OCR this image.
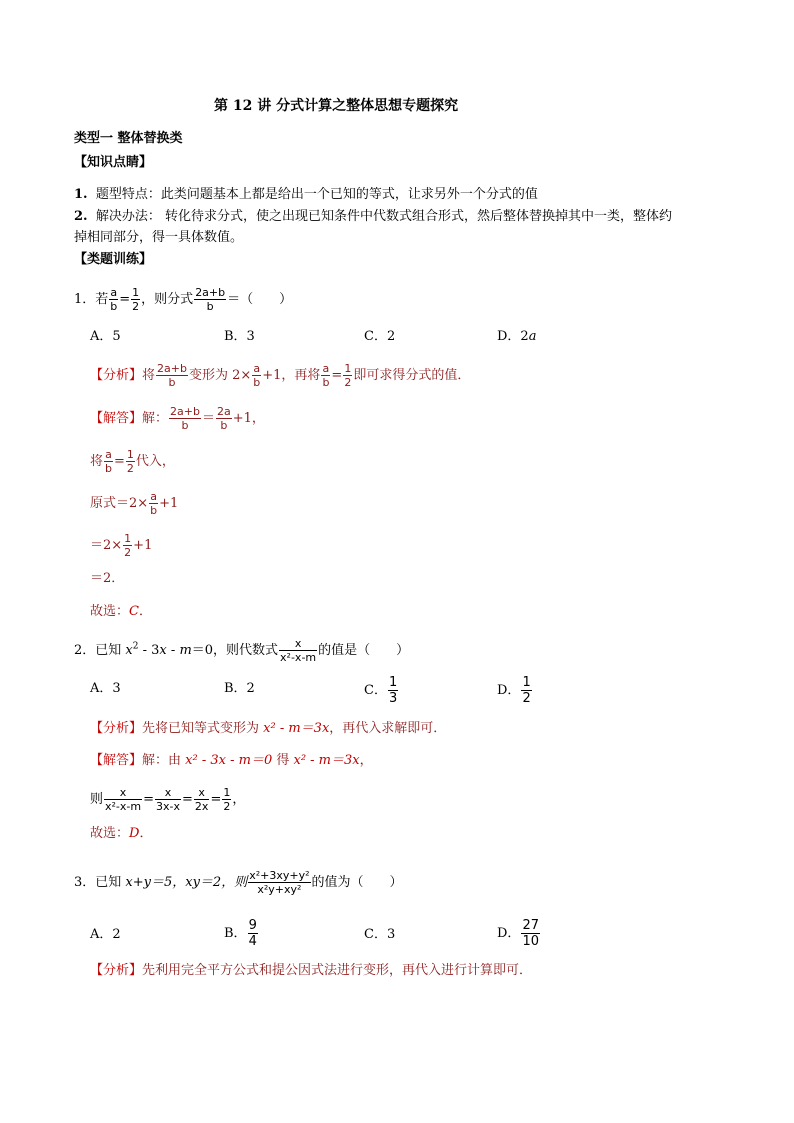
第 12 讲 分式计算之整体思想专题探究
类型一 整体替换类
【知识点睛】
1. 题型特点：此类问题基本上都是给出一个已知的等式，让求另外一个分式的值
2. 解决办法： 转化待求分式，使之出现已知条件中代数式组合形式，然后整体替换掉其中一类，整体约
掉相同部分，得一具体数值。
【类题训练】
1．若 $\frac{a}{b} = \frac{1}{2}$ ，则分式 $\frac{2a+b}{b}$ ＝（　　）
A．5	B．3	C．2	D．2a
【分析】将 $\frac{2a+b}{b}$ 变形为 $2\times \frac{a}{b} +1$，再将 $\frac{a}{b} = \frac{1}{2}$ 即可求得分式的值．
【解答】解： $\frac{2a+b}{b} = \frac{2a}{b} +1$，
将 $\frac{a}{b} = \frac{1}{2}$ 代入，
原式$=2\times \frac{a}{b} +1$
$=2\times \frac{1}{2} +1$
＝2．
故选：C．
2．已知 $x^2 - 3x - m=0$，则代数式 $\frac{x}{\text{x²-x-m}}$ 的值是（　　）
A．3	B．2	C． $\frac{1}{3}$	D． $\frac{1}{2}$
【分析】先将已知等式变形为 x² - m＝3x，再代入求解即可．
【解答】解：由 x² - 3x - m＝0 得 x² - m＝3x，
则 $\frac{x}{\text{x²-x-m}} = \frac{x}{3x-x} = \frac{x}{2x} = \frac{1}{2}$ ，
故选：D．
3．已知 x+y＝5，xy＝2，则 $\frac{\text{x²+3xy+y²}}{\text{x²y+xy²}}$ 的值为（　　）
A．2	B． $\frac{9}{4}$	C．3	D． $\frac{27}{10}$
【分析】先利用完全平方公式和提公因式法进行变形，再代入进行计算即可．
